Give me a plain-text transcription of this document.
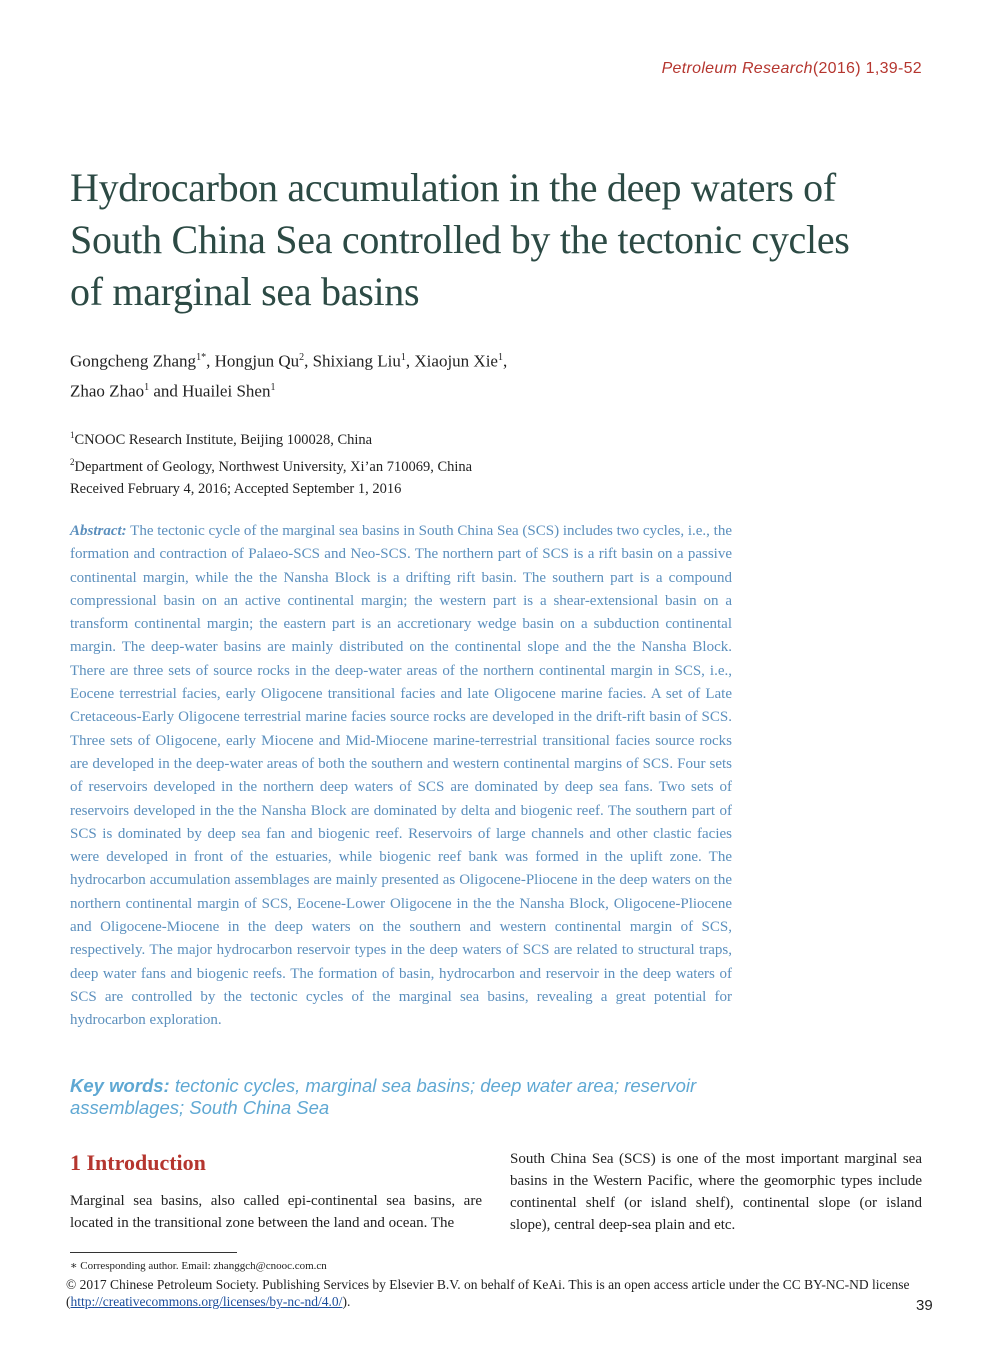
Petroleum Research(2016) 1,39-52
Hydrocarbon accumulation in the deep waters of South China Sea controlled by the tectonic cycles of marginal sea basins
Gongcheng Zhang$^{1*}$, Hongjun Qu$^2$, Shixiang Liu$^1$, Xiaojun Xie$^1$,
Zhao Zhao$^1$ and Huailei Shen$^1$
$^1$CNOOC Research Institute, Beijing 100028, China
$^2$Department of Geology, Northwest University, Xi’an 710069, China
Received February 4, 2016; Accepted September 1, 2016

Abstract: The tectonic cycle of the marginal sea basins in South China Sea (SCS) includes two cycles, i.e., the formation and contraction of Palaeo-SCS and Neo-SCS. The northern part of SCS is a rift basin on a passive continental margin, while the the Nansha Block is a drifting rift basin. The southern part is a compound compressional basin on an active continental margin; the western part is a shear-extensional basin on a transform continental margin; the eastern part is an accretionary wedge basin on a subduction continental margin. The deep-water basins are mainly distributed on the continental slope and the the Nansha Block. There are three sets of source rocks in the deep-water areas of the northern continental margin in SCS, i.e., Eocene terrestrial facies, early Oligocene transitional facies and late Oligocene marine facies. A set of Late Cretaceous-Early Oligocene terrestrial marine facies source rocks are developed in the drift-rift basin of SCS. Three sets of Oligocene, early Miocene and Mid-Miocene marine-terrestrial transitional facies source rocks are developed in the deep-water areas of both the southern and western continental margins of SCS. Four sets of reservoirs developed in the northern deep waters of SCS are dominated by deep sea fans. Two sets of reservoirs developed in the the Nansha Block are dominated by delta and biogenic reef. The southern part of SCS is dominated by deep sea fan and biogenic reef. Reservoirs of large channels and other clastic facies were developed in front of the estuaries, while biogenic reef bank was formed in the uplift zone. The hydrocarbon accumulation assemblages are mainly presented as Oligocene-Pliocene in the deep waters on the northern continental margin of SCS, Eocene-Lower Oligocene in the the Nansha Block, Oligocene-Pliocene and Oligocene-Miocene in the deep waters on the southern and western continental margin of SCS, respectively. The major hydrocarbon reservoir types in the deep waters of SCS are related to structural traps, deep water fans and biogenic reefs. The formation of basin, hydrocarbon and reservoir in the deep waters of SCS are controlled by the tectonic cycles of the marginal sea basins, revealing a great potential for hydrocarbon exploration.

Key words: tectonic cycles, marginal sea basins; deep water area; reservoir assemblages; South China Sea
1 Introduction

Marginal sea basins, also called epi-continental sea basins, are located in the transitional zone between the land and ocean. The

South China Sea (SCS) is one of the most important marginal sea basins in the Western Pacific, where the geomorphic types include continental shelf (or island shelf), continental slope (or island slope), central deep-sea plain and etc.

∗ Corresponding author. Email: zhanggch@cnooc.com.cn
© 2017 Chinese Petroleum Society. Publishing Services by Elsevier B.V. on behalf of KeAi. This is an open access article under the CC BY-NC-ND license
(http://creativecommons.org/licenses/by-nc-nd/4.0/).	39
